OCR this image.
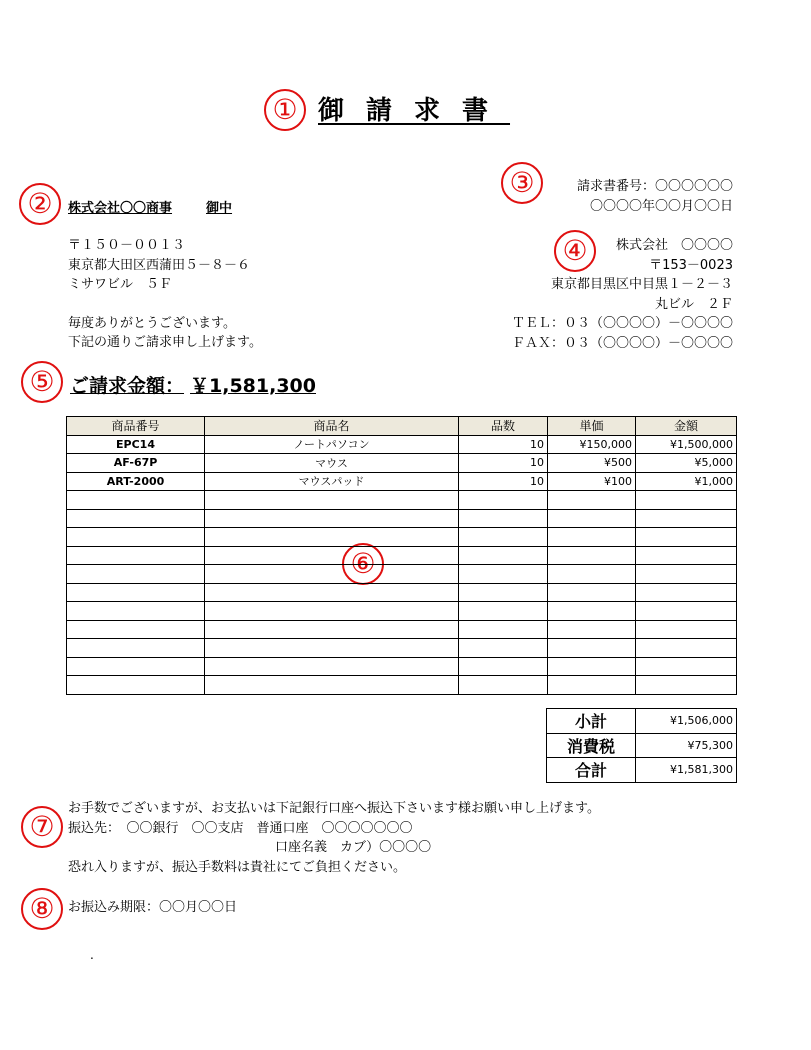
①
②
③
④
⑤
⑥
⑦
⑧
御請求書
株式会社〇〇商事	御中
請求書番号：〇〇〇〇〇〇
〇〇〇〇年〇〇月〇〇日
〒１５０－００１３
東京都大田区西蒲田５－８－６
ミサワビル　５Ｆ
毎度ありがとうございます。
下記の通りご請求申し上げます。
株式会社　〇〇〇〇
〒153－0023
東京都目黒区中目黒１－２－３
丸ビル　２Ｆ
ＴＥＬ：０３（〇〇〇〇）－〇〇〇〇
ＦＡＸ：０３（〇〇〇〇）－〇〇〇〇
ご請求金額： ￥1,581,300
商品番号	商品名	品数	単価	金額
EPC14	ノートパソコン	10	¥150,000	¥1,500,000
AF-67P	マウス	10	¥500	¥5,000
ART-2000	マウスパッド	10	¥100	¥1,000

小計	¥1,506,000
消費税	¥75,300
合計	¥1,581,300
お手数でございますが、お支払いは下記銀行口座へ振込下さいます様お願い申し上げます。
振込先：　〇〇銀行　〇〇支店　普通口座　〇〇〇〇〇〇〇
口座名義　カブ）〇〇〇〇
恐れ入りますが、振込手数料は貴社にてご負担ください。
お振込み期限：〇〇月〇〇日
.
